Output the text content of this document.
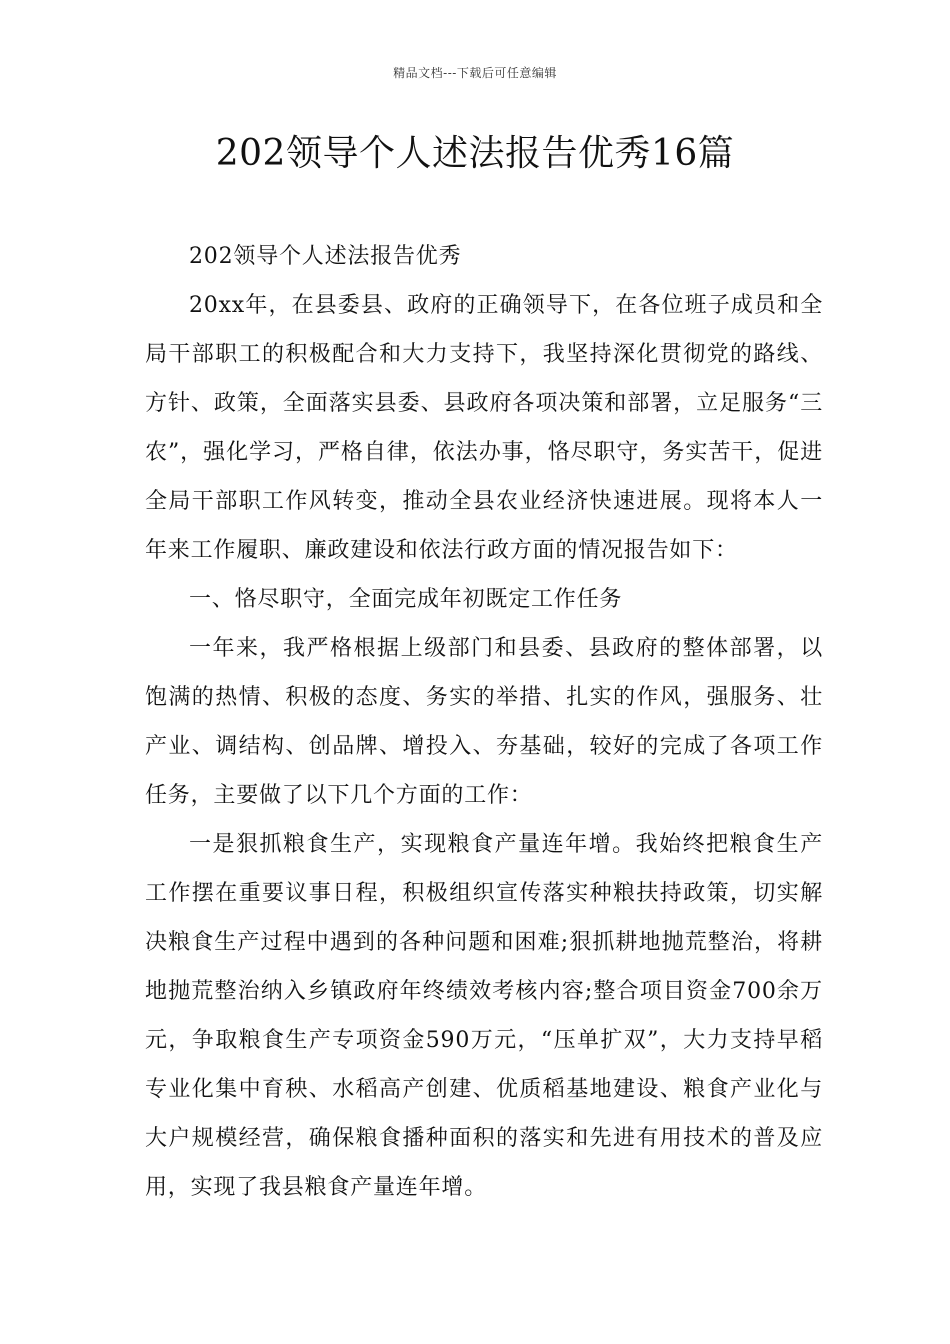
精品文档---下载后可任意编辑
202领导个人述法报告优秀16篇

202领导个人述法报告优秀

20xx年，在县委县、政府的正确领导下，在各位班子成员和全局干部职工的积极配合和大力支持下，我坚持深化贯彻党的路线、方针、政策，全面落实县委、县政府各项决策和部署，立足服务“三农”，强化学习，严格自律，依法办事，恪尽职守，务实苦干，促进全局干部职工作风转变，推动全县农业经济快速进展。现将本人一年来工作履职、廉政建设和依法行政方面的情况报告如下：

一、恪尽职守，全面完成年初既定工作任务

一年来，我严格根据上级部门和县委、县政府的整体部署，以饱满的热情、积极的态度、务实的举措、扎实的作风，强服务、壮产业、调结构、创品牌、增投入、夯基础，较好的完成了各项工作任务，主要做了以下几个方面的工作：

一是狠抓粮食生产，实现粮食产量连年增。我始终把粮食生产工作摆在重要议事日程，积极组织宣传落实种粮扶持政策，切实解决粮食生产过程中遇到的各种问题和困难;狠抓耕地抛荒整治，将耕地抛荒整治纳入乡镇政府年终绩效考核内容;整合项目资金700余万元，争取粮食生产专项资金590万元，“压单扩双”，大力支持早稻专业化集中育秧、水稻高产创建、优质稻基地建设、粮食产业化与大户规模经营，确保粮食播种面积的落实和先进有用技术的普及应用，实现了我县粮食产量连年增。
